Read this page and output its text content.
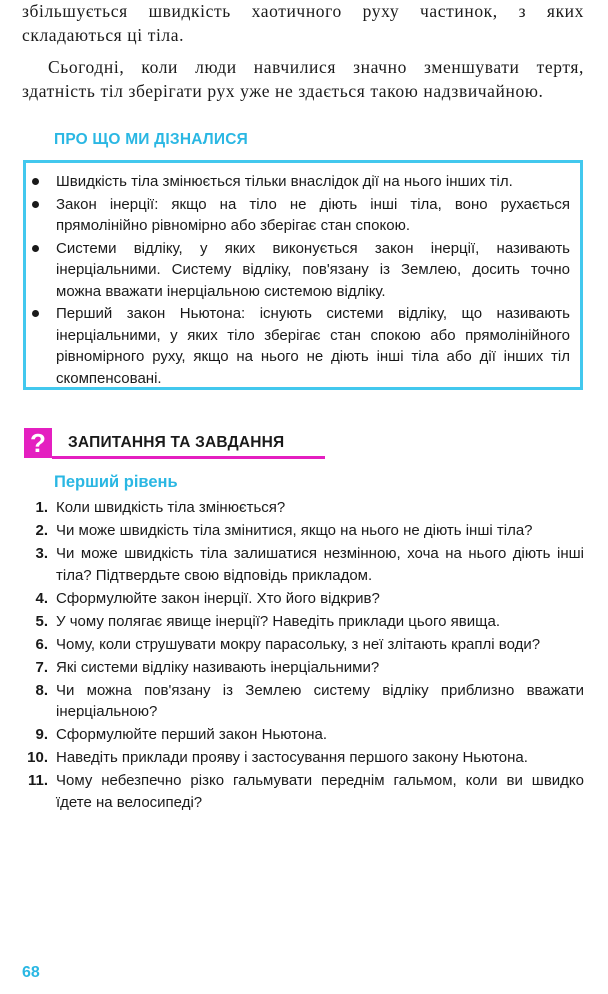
збільшується швидкість хаотичного руху частинок, з яких складаються ці тіла.

Сьогодні, коли люди навчилися значно зменшувати тертя, здатність тіл зберігати рух уже не здається такою надзвичайною.

ПРО ЩО МИ ДІЗНАЛИСЯ
Швидкість тіла змінюється тільки внаслідок дії на нього інших тіл.
Закон інерції: якщо на тіло не діють інші тіла, воно рухається прямолінійно рівномірно або зберігає стан спокою.
Системи відліку, у яких виконується закон інерції, називають інерціальними. Систему відліку, пов'язану із Землею, досить точно можна вважати інерціальною системою відліку.
Перший закон Ньютона: існують системи відліку, що називають інерціальними, у яких тіло зберігає стан спокою або прямолінійного рівномірного руху, якщо на нього не діють інші тіла або дії інших тіл скомпенсовані.
?	ЗАПИТАННЯ ТА ЗАВДАННЯ
Перший рівень
1. Коли швидкість тіла змінюється?
2. Чи може швидкість тіла змінитися, якщо на нього не діють інші тіла?
3. Чи може швидкість тіла залишатися незмінною, хоча на нього діють інші тіла? Підтвердьте свою відповідь прикладом.
4. Сформулюйте закон інерції. Хто його відкрив?
5. У чому полягає явище інерції? Наведіть приклади цього явища.
6. Чому, коли струшувати мокру парасольку, з неї злітають краплі води?
7. Які системи відліку називають інерціальними?
8. Чи можна пов'язану із Землею систему відліку приблизно вважати інерціальною?
9. Сформулюйте перший закон Ньютона.
10. Наведіть приклади прояву і застосування першого закону Ньютона.
11. Чому небезпечно різко гальмувати переднім гальмом, коли ви швидко їдете на велосипеді?
68
